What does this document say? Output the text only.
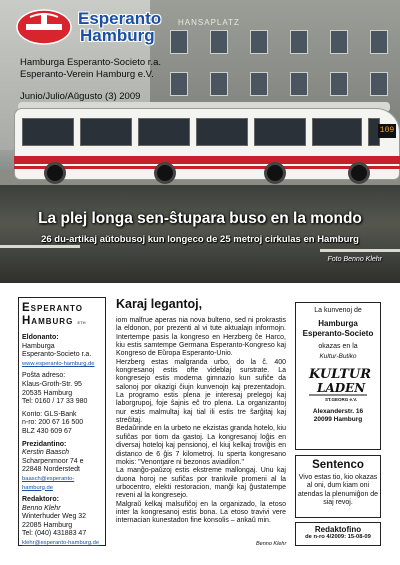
HANSAPLATZ
109
Esperanto
Hamburg
Hamburga Esperanto-Societo r.a.
Esperanto-Verein Hamburg e.V.
Junio/Julio/Aŭgusto (3) 2009
La plej longa sen-ŝtupara buso en la mondo
26 du-artikaj aŭtobusoj kun longeco de 25 metroj cirkulas en Hamburg
Foto Benno Klehr
Esperanto
Hamburg eth
Eldonanto:
Hamburga
Esperanto-Societo r.a.
www.esperanto-hamburg.de
Poŝta adreso:
Klaus-Groth-Str. 95
20535 Hamburg
Tel: 0160 / 17 33 980
Konto: GLS-Bank
n-ro: 200 67 16 500
BLZ 430 609 67
Prezidantino:
Kerstin Baasch
Scharpenmoor 74 e
22848 Norderstedt
baasch@esperanto-hamburg.de
Redaktoro:
Benno Klehr
Winterhuder Weg 32
22085 Hamburg
Tel: (040) 431883 47
klehr@esperanto-hamburg.de
Karaj legantoj,

iom malfrue aperas nia nova bulteno, sed ni prokrastis la eldonon, por prezenti al vi tute aktualajn informojn. Intertempe pasis la kongreso en Herzberg ĉe Harco, kiu estis samtempe Germana Esperanto-Kongreso kaj Kongreso de Eŭropa Esperanto-Unio.

Herzberg estas malgranda urbo, do la ĉ. 400 kongresanoj estis ofte videblaj surstrate. La kongresejo estis moderna gimnazio kun sufiĉe da salonoj por okazigi ĉiujn kunvenojn kaj prezentadojn. La programo estis plena je interesaj prelegoj kaj laborgrupoj, foje ŝajnis eĉ tro plena. La organizantoj nur estis malmultaj kaj tial ili estis tre ŝarĝitaj kaj streĉitaj.

Bedaŭrinde en la urbeto ne ekzistas granda hotelo, kiu sufiĉas por tiom da gastoj. La kongresanoj loĝis en diversaj hoteloj kaj pensionoj, el kiuj kelkaj troviĝis en distanco de 6 ĝis 7 kilometroj. Iu sperta kongresano mokis: "Venontjare ni bezonos aviadilon."

La manĝo-paŭzoj estis ekstreme mallongaj. Unu kaj duona horoj ne sufiĉas por trankvile promeni al la urbocentro, elekti restoracion, manĝi kaj ĝustatempe reveni al la kongresejo.

Malgraŭ kelkaj malsufiĉoj en la organizado, la etoso inter la kongresanoj estis bona. La etoso travivi vere internacian kunestadon fine konsolis – ankaŭ min.

Benno Klehr
La kunvenoj de
Hamburga
Esperanto-Societo
okazas en la
Kultur-Butiko
KULTUR
LADEN
ST.GEORG e.V.
Alexanderstr. 16
20099 Hamburg
Sentenco
Vivo estas tio, kio okazas al oni, dum kiam oni atendas la plenumiĝon de siaj revoj.
Redaktofino
de n-ro 4/2009: 15-08-09
